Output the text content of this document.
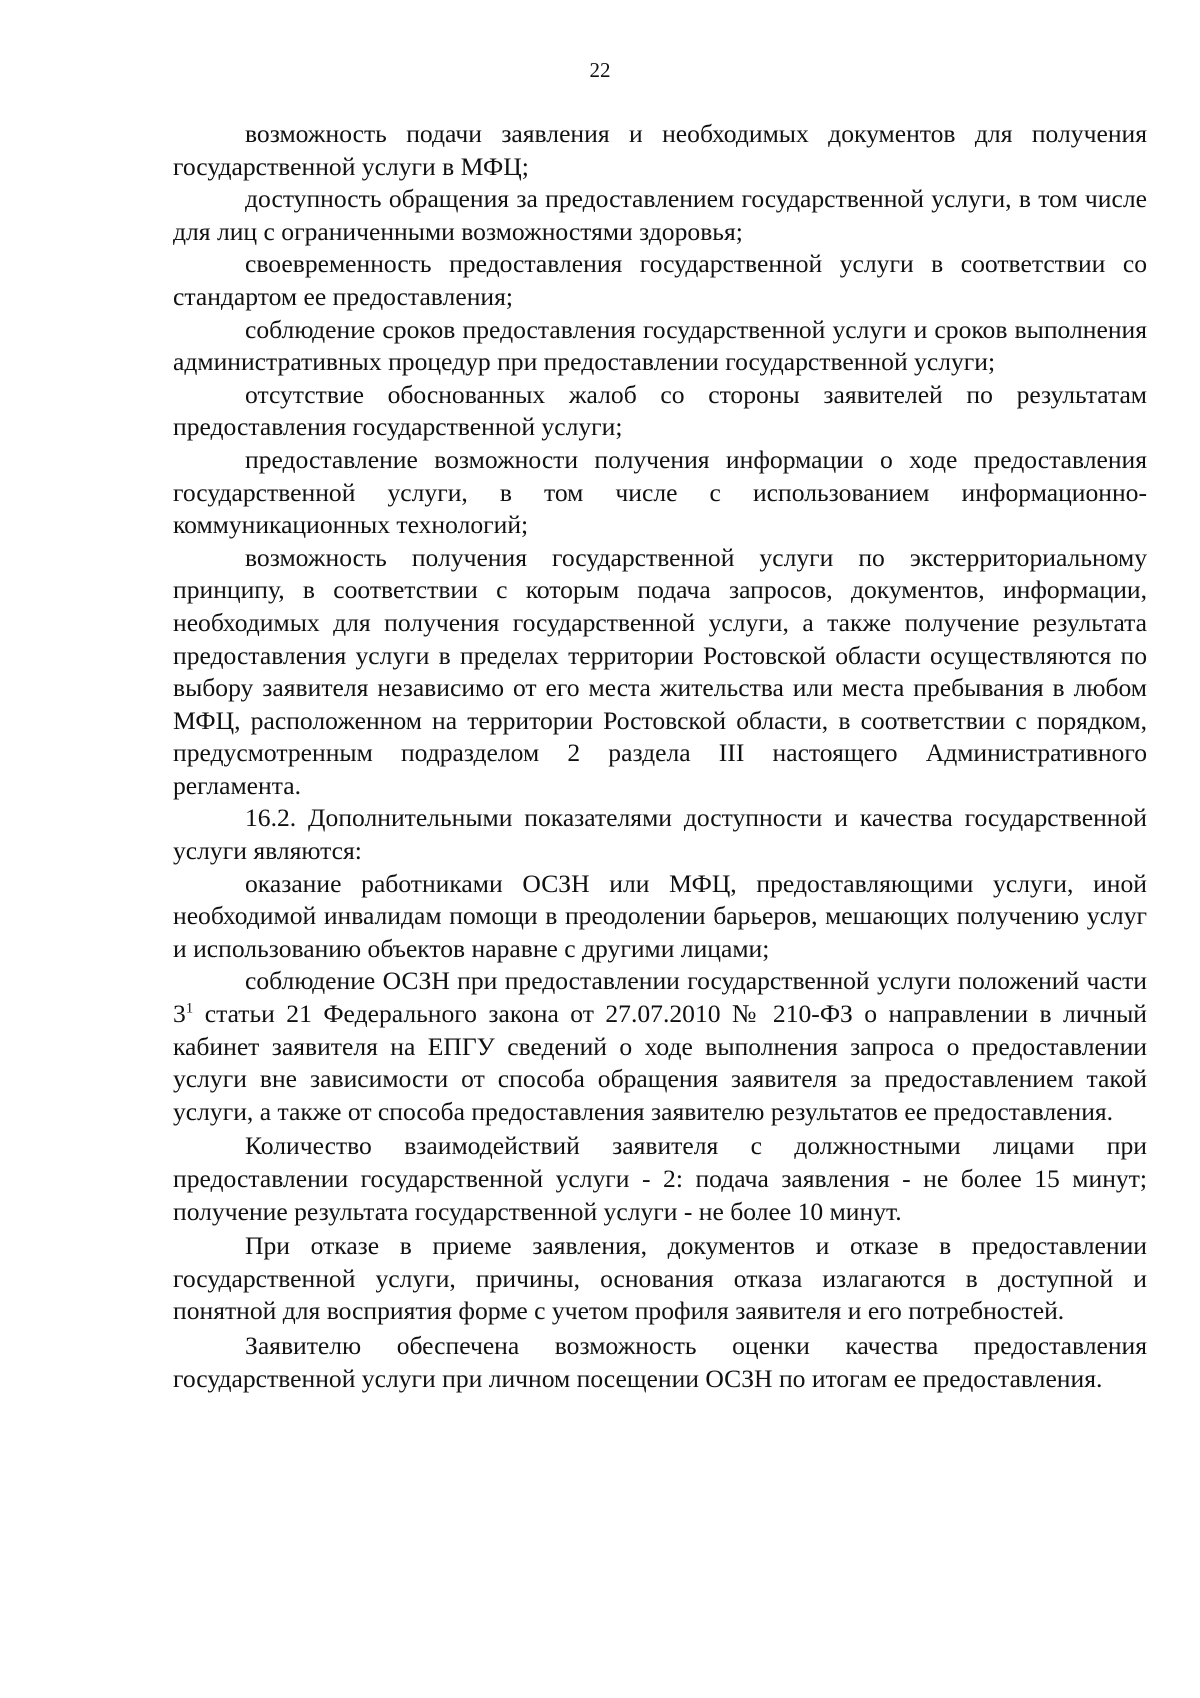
22

возможность подачи заявления и необходимых документов для получения государственной услуги в МФЦ;

доступность обращения за предоставлением государственной услуги, в том числе для лиц с ограниченными возможностями здоровья;

своевременность предоставления государственной услуги в соответствии со стандартом ее предоставления;

соблюдение сроков предоставления государственной услуги и сроков выполнения административных процедур при предоставлении государственной услуги;

отсутствие обоснованных жалоб со стороны заявителей по результатам предоставления государственной услуги;

предоставление возможности получения информации о ходе предоставления государственной услуги, в том числе с использованием информационно-коммуникационных технологий;

возможность получения государственной услуги по экстерриториальному принципу, в соответствии с которым подача запросов, документов, информации, необходимых для получения государственной услуги, а также получение результата предоставления услуги в пределах территории Ростовской области осуществляются по выбору заявителя независимо от его места жительства или места пребывания в любом МФЦ, расположенном на территории Ростовской области, в соответствии с порядком, предусмотренным подразделом 2 раздела III настоящего Административного регламента.

16.2. Дополнительными показателями доступности и качества государственной услуги являются:

оказание работниками ОСЗН или МФЦ, предоставляющими услуги, иной необходимой инвалидам помощи в преодолении барьеров, мешающих получению услуг и использованию объектов наравне с другими лицами;

соблюдение ОСЗН при предоставлении государственной услуги положений части 3$^1$ статьи 21 Федерального закона от 27.07.2010 № 210-ФЗ о направлении в личный кабинет заявителя на ЕПГУ сведений о ходе выполнения запроса о предоставлении услуги вне зависимости от способа обращения заявителя за предоставлением такой услуги, а также от способа предоставления заявителю результатов ее предоставления.

Количество взаимодействий заявителя с должностными лицами при предоставлении государственной услуги - 2: подача заявления - не более 15 минут; получение результата государственной услуги - не более 10 минут.

При отказе в приеме заявления, документов и отказе в предоставлении государственной услуги, причины, основания отказа излагаются в доступной и понятной для восприятия форме с учетом профиля заявителя и его потребностей.

Заявителю обеспечена возможность оценки качества предоставления государственной услуги при личном посещении ОСЗН по итогам ее предоставления.
